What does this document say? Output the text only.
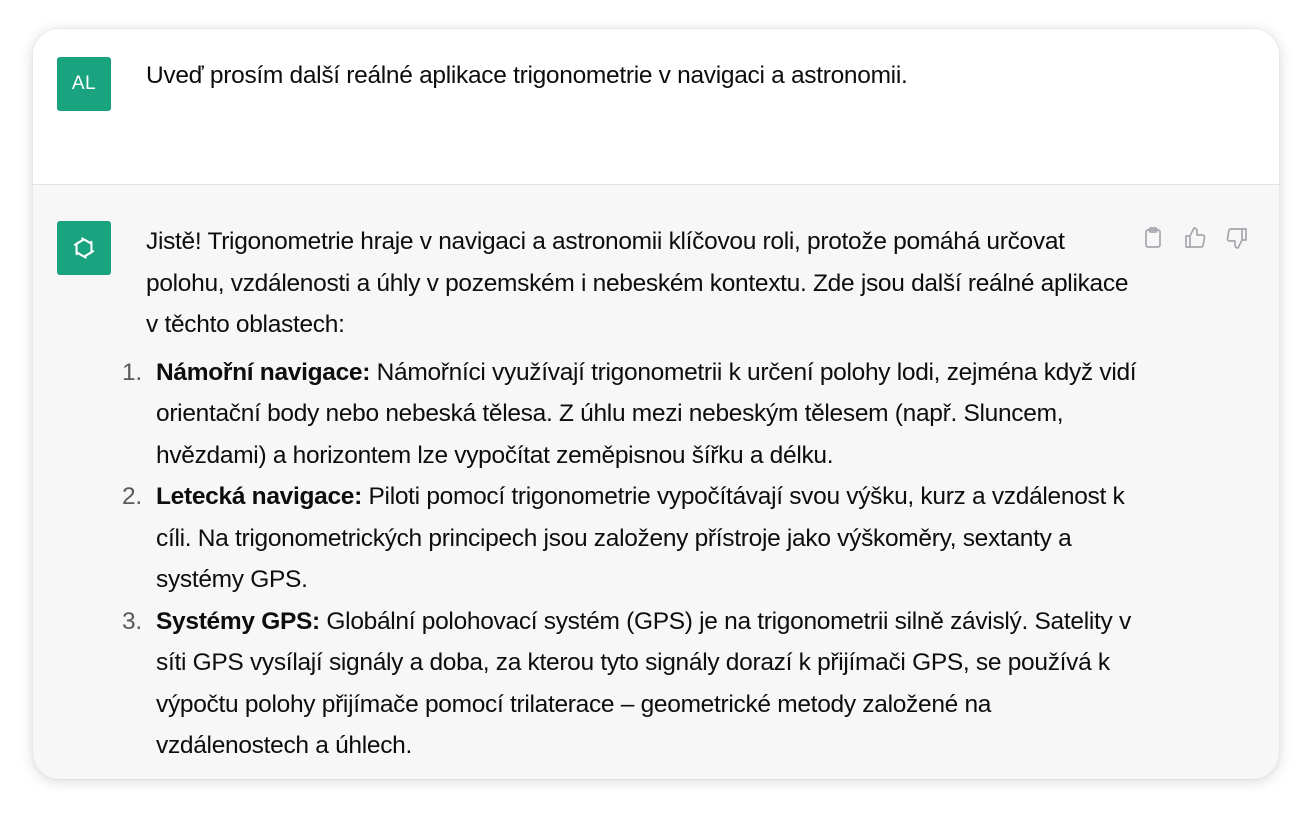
AL Uveď prosím další reálné aplikace trigonometrie v navigaci a astronomii.

Jistě! Trigonometrie hraje v navigaci a astronomii klíčovou roli, protože pomáhá určovat polohu, vzdálenosti a úhly v pozemském i nebeském kontextu. Zde jsou další reálné aplikace v těchto oblastech:

1. Námořní navigace: Námořníci využívají trigonometrii k určení polohy lodi, zejména když vidí orientační body nebo nebeská tělesa. Z úhlu mezi nebeským tělesem (např. Sluncem, hvězdami) a horizontem lze vypočítat zeměpisnou šířku a délku.
2. Letecká navigace: Piloti pomocí trigonometrie vypočítávají svou výšku, kurz a vzdálenost k cíli. Na trigonometrických principech jsou založeny přístroje jako výškoměry, sextanty a systémy GPS.
3. Systémy GPS: Globální polohovací systém (GPS) je na trigonometrii silně závislý. Satelity v síti GPS vysílají signály a doba, za kterou tyto signály dorazí k přijímači GPS, se používá k výpočtu polohy přijímače pomocí trilaterace – geometrické metody založené na vzdálenostech a úhlech.
